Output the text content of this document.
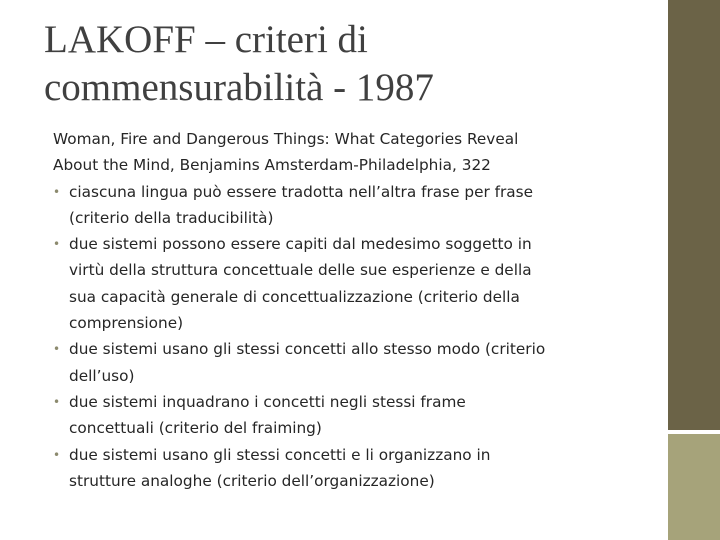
LAKOFF – criteri di
commensurabilità - 1987

Woman, Fire and Dangerous Things: What Categories Reveal
About the Mind, Benjamins Amsterdam-Philadelphia, 322

• ciascuna lingua può essere tradotta nell’altra frase per frase
(criterio della traducibilità)
• due sistemi possono essere capiti dal medesimo soggetto in
virtù della struttura concettuale delle sue esperienze e della
sua capacità generale di concettualizzazione (criterio della
comprensione)
• due sistemi usano gli stessi concetti allo stesso modo (criterio
dell’uso)
• due sistemi inquadrano i concetti negli stessi frame
concettuali (criterio del fraiming)
• due sistemi usano gli stessi concetti e li organizzano in
strutture analoghe (criterio dell’organizzazione)
